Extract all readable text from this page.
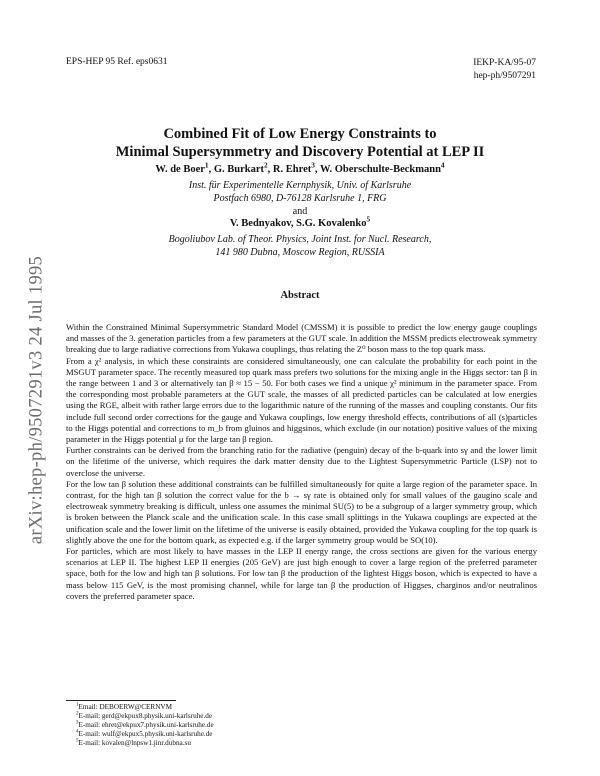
arXiv:hep-ph/9507291v3 24 Jul 1995
EPS-HEP 95 Ref. eps0631	IEKP-KA/95-07
hep-ph/9507291
Combined Fit of Low Energy Constraints to
Minimal Supersymmetry and Discovery Potential at LEP II
W. de Boer$^1$, G. Burkart$^2$, R. Ehret$^3$, W. Oberschulte-Beckmann$^4$
Inst. für Experimentelle Kernphysik, Univ. of Karlsruhe
Postfach 6980, D-76128 Karlsruhe 1, FRG
and
V. Bednyakov, S.G. Kovalenko$^5$
Bogoliubov Lab. of Theor. Physics, Joint Inst. for Nucl. Research,
141 980 Dubna, Moscow Region, RUSSIA
Abstract

Within the Constrained Minimal Supersymmetric Standard Model (CMSSM) it is possible to predict the low energy gauge couplings and masses of the 3. generation particles from a few parameters at the GUT scale. In addition the MSSM predicts electroweak symmetry breaking due to large radiative corrections from Yukawa couplings, thus relating the Z⁰ boson mass to the top quark mass.

From a χ² analysis, in which these constraints are considered simultaneously, one can calculate the probability for each point in the MSGUT parameter space. The recently measured top quark mass prefers two solutions for the mixing angle in the Higgs sector: tan β in the range between 1 and 3 or alternatively tan β ≈ 15 − 50. For both cases we find a unique χ² minimum in the parameter space. From the corresponding most probable parameters at the GUT scale, the masses of all predicted particles can be calculated at low energies using the RGE, albeit with rather large errors due to the logarithmic nature of the running of the masses and coupling constants. Our fits include full second order corrections for the gauge and Yukawa couplings, low energy threshold effects, contributions of all (s)particles to the Higgs potential and corrections to m_b from gluinos and higgsinos, which exclude (in our notation) positive values of the mixing parameter in the Higgs potential μ for the large tan β region.

Further constraints can be derived from the branching ratio for the radiative (penguin) decay of the b-quark into sγ and the lower limit on the lifetime of the universe, which requires the dark matter density due to the Lightest Supersymmetric Particle (LSP) not to overclose the universe.

For the low tan β solution these additional constraints can be fulfilled simultaneously for quite a large region of the parameter space. In contrast, for the high tan β solution the correct value for the b → sγ rate is obtained only for small values of the gaugino scale and electroweak symmetry breaking is difficult, unless one assumes the minimal SU(5) to be a subgroup of a larger symmetry group, which is broken between the Planck scale and the unification scale. In this case small splittings in the Yukawa couplings are expected at the unification scale and the lower limit on the lifetime of the universe is easily obtained, provided the Yukawa coupling for the top quark is slightly above the one for the bottom quark, as expected e.g. if the larger symmetry group would be SO(10).

For particles, which are most likely to have masses in the LEP II energy range, the cross sections are given for the various energy scenarios at LEP II. The highest LEP II energies (205 GeV) are just high enough to cover a large region of the preferred parameter space, both for the low and high tan β solutions. For low tan β the production of the lightest Higgs boson, which is expected to have a mass below 115 GeV, is the most promising channel, while for large tan β the production of Higgses, charginos and/or neutralinos covers the preferred parameter space.

$^1$Email: DEBOERW@CERNVM
$^2$E-mail: gerd@ekpux8.physik.uni-karlsruhe.de
$^3$E-mail: ehret@ekpux7.physik.uni-karlsruhe.de
$^4$E-mail: wulf@ekpux5.physik.uni-karlsruhe.de
$^5$E-mail: kovalen@lnpsw1.jinr.dubna.su
